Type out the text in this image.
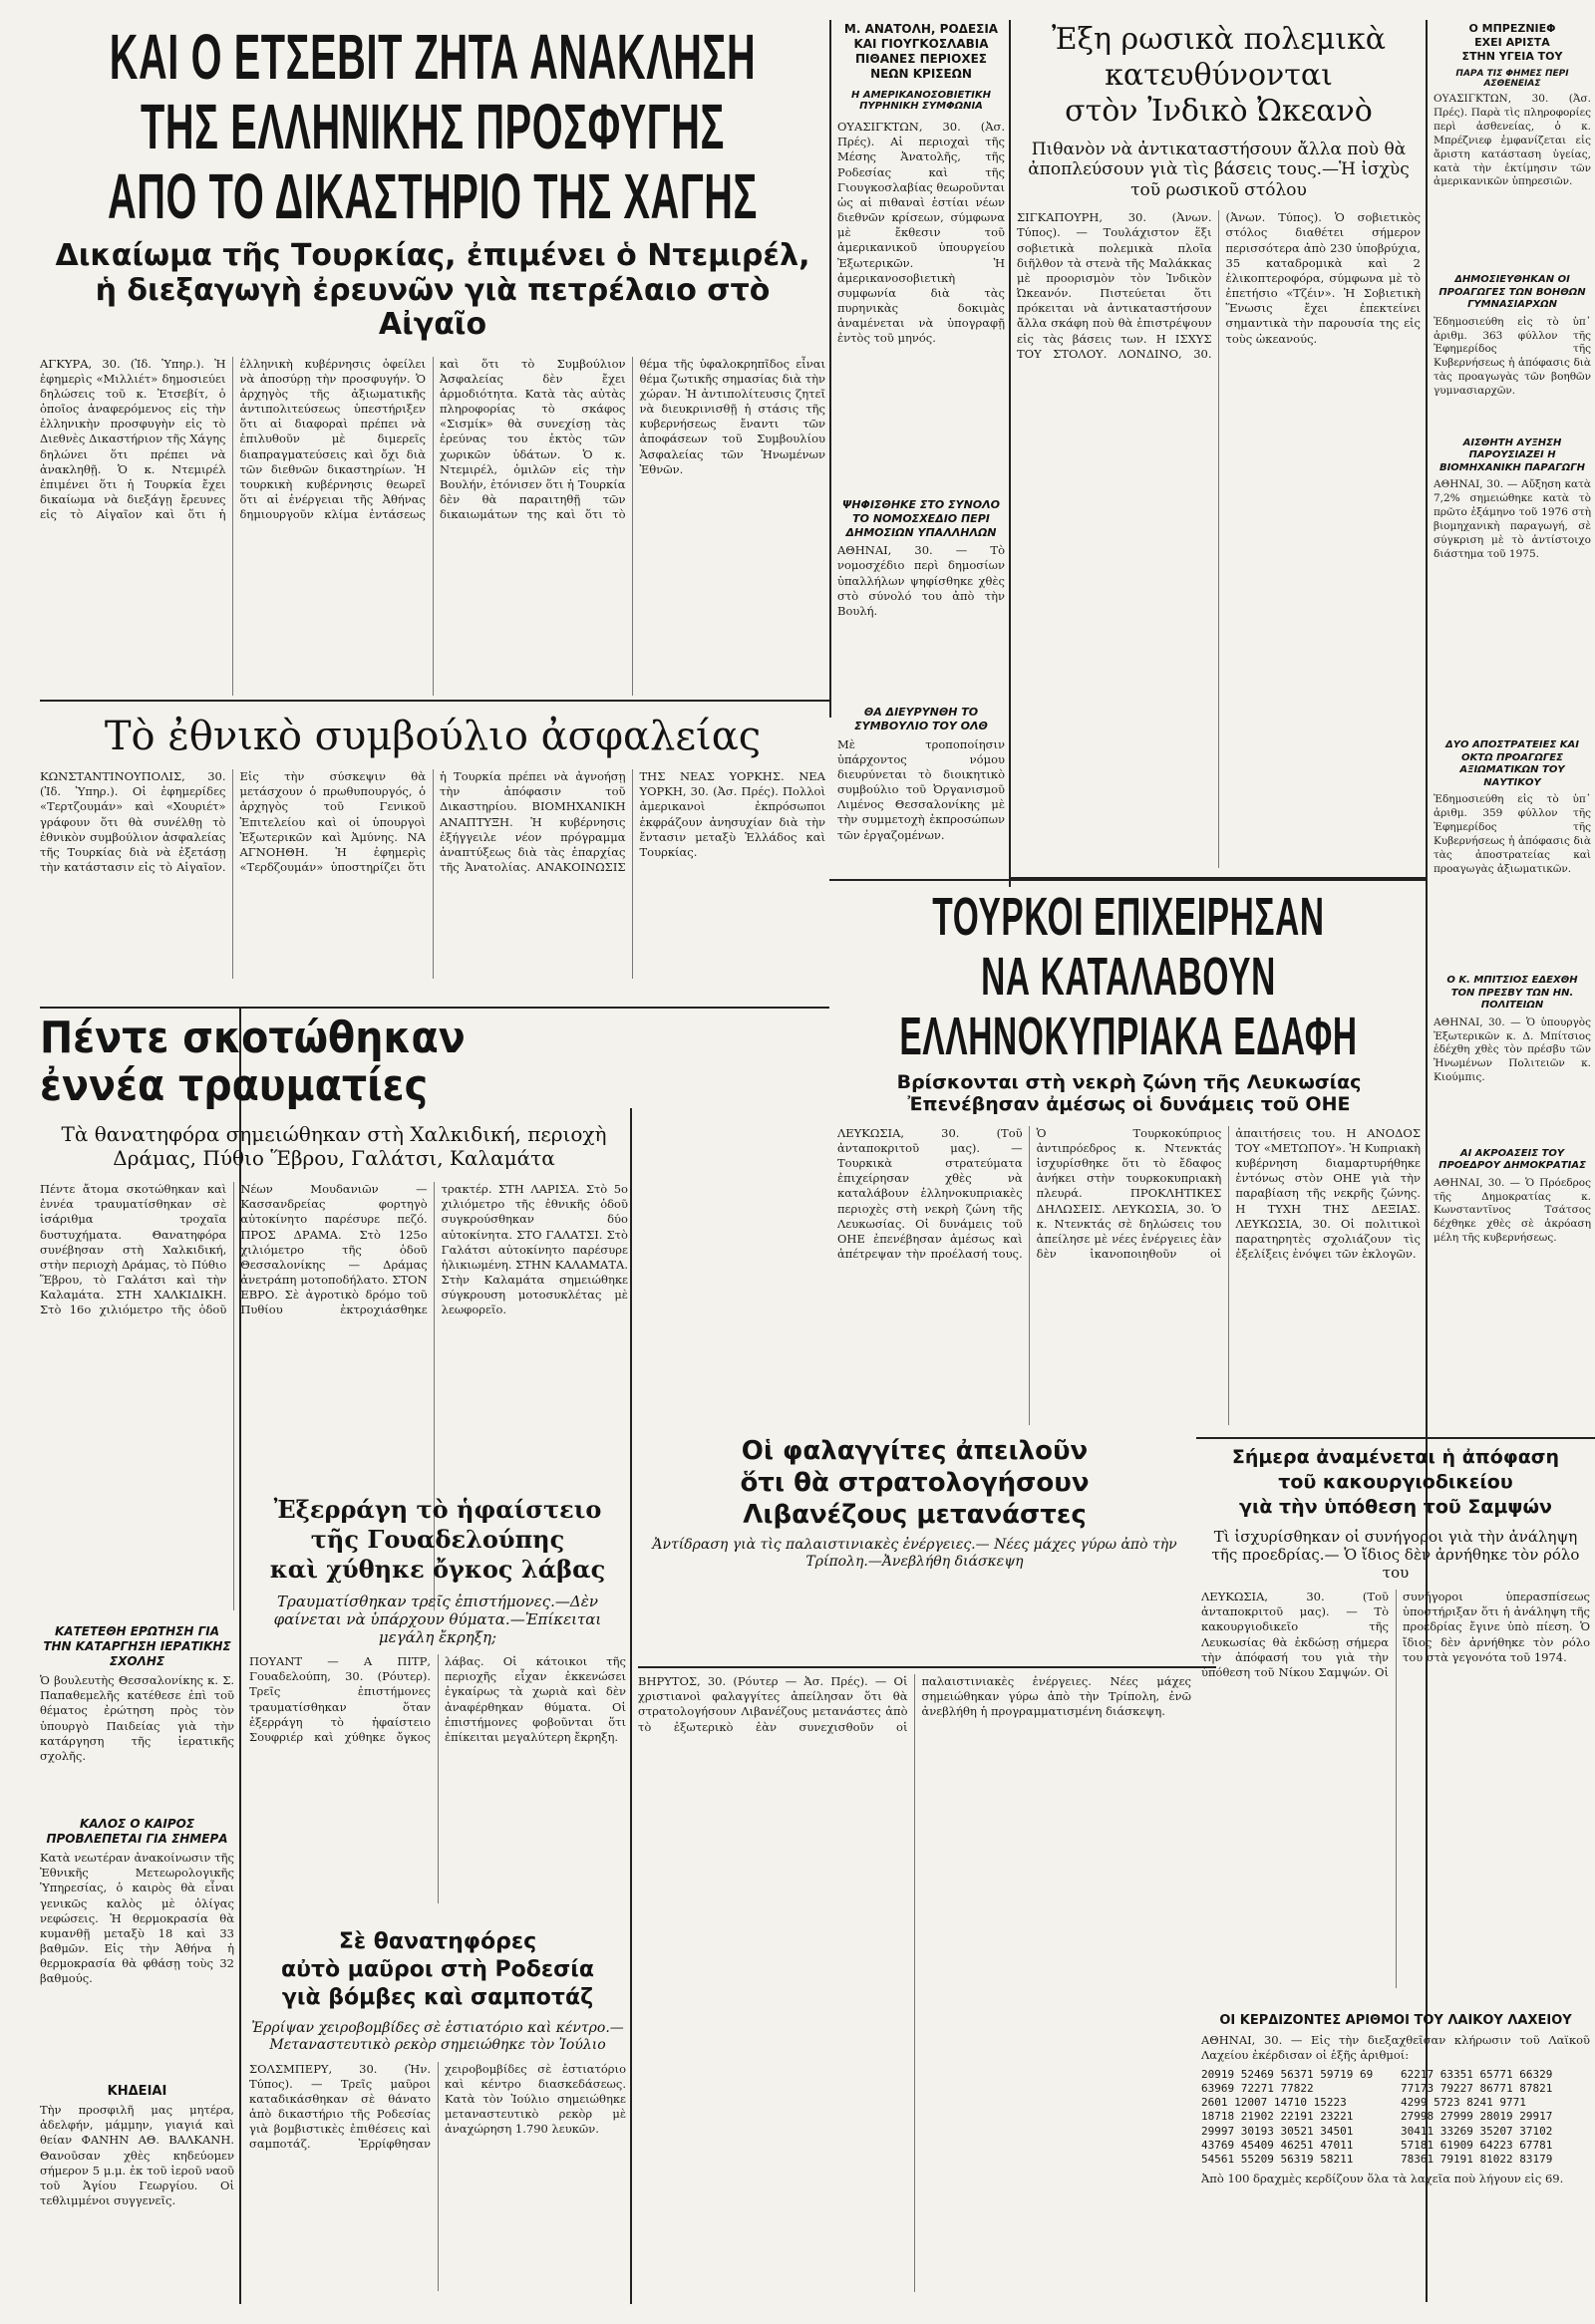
ΚΑΙ Ο ΕΤΣΕΒΙΤ ΖΗΤΑ ΑΝΑΚΛΗΣΗ
ΤΗΣ ΕΛΛΗΝΙΚΗΣ ΠΡΟΣΦΥΓΗΣ
ΑΠΟ ΤΟ ΔΙΚΑΣΤΗΡΙΟ ΤΗΣ ΧΑΓΗΣ
Δικαίωμα τῆς Τουρκίας, ἐπιμένει ὁ Ντεμιρέλ,
ἡ διεξαγωγὴ ἐρευνῶν γιὰ πετρέλαιο στὸ Αἰγαῖο

ΑΓΚΥΡΑ, 30. (Ἰδ. Ὑπηρ.). Ἡ ἐφημερὶς «Μιλλιέτ» δημοσιεύει δηλώσεις τοῦ κ. Ἐτσεβίτ, ὁ ὁποῖος ἀναφερόμενος εἰς τὴν ἑλληνικὴν προσφυγὴν εἰς τὸ Διεθνὲς Δικαστήριον τῆς Χάγης δηλώνει ὅτι πρέπει νὰ ἀνακληθῇ. Ὁ κ. Ντεμιρέλ ἐπιμένει ὅτι ἡ Τουρκία ἔχει δικαίωμα νὰ διεξάγῃ ἔρευνες εἰς τὸ Αἰγαῖον καὶ ὅτι ἡ ἑλληνικὴ κυβέρνησις ὀφείλει νὰ ἀποσύρῃ τὴν προσφυγήν. Ὁ ἀρχηγὸς τῆς ἀξιωματικῆς ἀντιπολιτεύσεως ὑπεστήριξεν ὅτι αἱ διαφοραὶ πρέπει νὰ ἐπιλυθοῦν μὲ διμερεῖς διαπραγματεύσεις καὶ ὄχι διὰ τῶν διεθνῶν δικαστηρίων. Ἡ τουρκικὴ κυβέρνησις θεωρεῖ ὅτι αἱ ἐνέργειαι τῆς Ἀθήνας δημιουργοῦν κλίμα ἐντάσεως καὶ ὅτι τὸ Συμβούλιον Ἀσφαλείας δὲν ἔχει ἁρμοδιότητα. Κατὰ τὰς αὐτὰς πληροφορίας τὸ σκάφος «Σισμίκ» θὰ συνεχίσῃ τὰς ἐρεύνας του ἐκτὸς τῶν χωρικῶν ὑδάτων. Ὁ κ. Ντεμιρέλ, ὁμιλῶν εἰς τὴν Βουλήν, ἐτόνισεν ὅτι ἡ Τουρκία δὲν θὰ παραιτηθῇ τῶν δικαιωμάτων της καὶ ὅτι τὸ θέμα τῆς ὑφαλοκρηπῖδος εἶναι θέμα ζωτικῆς σημασίας διὰ τὴν χώραν. Ἡ ἀντιπολίτευσις ζητεῖ νὰ διευκρινισθῇ ἡ στάσις τῆς κυβερνήσεως ἔναντι τῶν ἀποφάσεων τοῦ Συμβουλίου Ἀσφαλείας τῶν Ἡνωμένων Ἐθνῶν.

Τὸ ἐθνικὸ συμβούλιο ἀσφαλείας

ΚΩΝΣΤΑΝΤΙΝΟΥΠΟΛΙΣ, 30. (Ἰδ. Ὑπηρ.). Οἱ ἐφημερίδες «Τερτζουμάν» καὶ «Χουριέτ» γράφουν ὅτι θὰ συνέλθῃ τὸ ἐθνικὸν συμβούλιον ἀσφαλείας τῆς Τουρκίας διὰ νὰ ἐξετάσῃ τὴν κατάστασιν εἰς τὸ Αἰγαῖον. Εἰς τὴν σύσκεψιν θὰ μετάσχουν ὁ πρωθυπουργός, ὁ ἀρχηγὸς τοῦ Γενικοῦ Ἐπιτελείου καὶ οἱ ὑπουργοὶ Ἐξωτερικῶν καὶ Ἀμύνης. ΝΑ ΑΓΝΟΗΘΗ. Ἡ ἐφημερὶς «Τερδζουμάν» ὑποστηρίζει ὅτι ἡ Τουρκία πρέπει νὰ ἀγνοήσῃ τὴν ἀπόφασιν τοῦ Δικαστηρίου. ΒΙΟΜΗΧΑΝΙΚΗ ΑΝΑΠΤΥΞΗ. Ἡ κυβέρνησις ἐξήγγειλε νέον πρόγραμμα ἀναπτύξεως διὰ τὰς ἐπαρχίας τῆς Ἀνατολίας. ΑΝΑΚΟΙΝΩΣΙΣ ΤΗΣ ΝΕΑΣ ΥΟΡΚΗΣ. ΝΕΑ ΥΟΡΚΗ, 30. (Ἀσ. Πρές). Πολλοὶ ἀμερικανοὶ ἐκπρόσωποι ἐκφράζουν ἀνησυχίαν διὰ τὴν ἔντασιν μεταξὺ Ἑλλάδος καὶ Τουρκίας.

Πέντε σκοτώθηκαν
ἐννέα τραυματίες

Τὰ θανατηφόρα σημειώθηκαν στὴ Χαλκιδική, περιοχὴ Δράμας, Πύθιο Ἕβρου, Γαλάτσι, Καλαμάτα

Πέντε ἄτομα σκοτώθηκαν καὶ ἐννέα τραυματίσθηκαν σὲ ἰσάριθμα τροχαῖα δυστυχήματα. Θανατηφόρα συνέβησαν στὴ Χαλκιδική, στὴν περιοχὴ Δράμας, τὸ Πύθιο Ἕβρου, τὸ Γαλάτσι καὶ τὴν Καλαμάτα. ΣΤΗ ΧΑΛΚΙΔΙΚΗ. Στὸ 16ο χιλιόμετρο τῆς ὁδοῦ Νέων Μουδανιῶν — Κασσανδρείας φορτηγὸ αὐτοκίνητο παρέσυρε πεζό. ΠΡΟΣ ΔΡΑΜΑ. Στὸ 125ο χιλιόμετρο τῆς ὁδοῦ Θεσσαλονίκης — Δράμας ἀνετράπη μοτοποδήλατο. ΣΤΟΝ ΕΒΡΟ. Σὲ ἀγροτικὸ δρόμο τοῦ Πυθίου ἐκτροχιάσθηκε τρακτέρ. ΣΤΗ ΛΑΡΙΣΑ. Στὸ 5ο χιλιόμετρο τῆς ἐθνικῆς ὁδοῦ συγκρούσθηκαν δύο αὐτοκίνητα. ΣΤΟ ΓΑΛΑΤΣΙ. Στὸ Γαλάτσι αὐτοκίνητο παρέσυρε ἡλικιωμένη. ΣΤΗΝ ΚΑΛΑΜΑΤΑ. Στὴν Καλαμάτα σημειώθηκε σύγκρουση μοτοσυκλέτας μὲ λεωφορεῖο.

ΚΑΤΕΤΕΘΗ ΕΡΩΤΗΣΗ ΓΙΑ ΤΗΝ ΚΑΤΑΡΓΗΣΗ ΙΕΡΑΤΙΚΗΣ ΣΧΟΛΗΣ

Ὁ βουλευτὴς Θεσσαλονίκης κ. Σ. Παπαθεμελῆς κατέθεσε ἐπὶ τοῦ θέματος ἐρώτηση πρὸς τὸν ὑπουργὸ Παιδείας γιὰ τὴν κατάργηση τῆς ἱερατικῆς σχολῆς.

ΚΑΛΟΣ Ο ΚΑΙΡΟΣ ΠΡΟΒΛΕΠΕΤΑΙ ΓΙΑ ΣΗΜΕΡΑ

Κατὰ νεωτέραν ἀνακοίνωσιν τῆς Ἐθνικῆς Μετεωρολογικῆς Ὑπηρεσίας, ὁ καιρὸς θὰ εἶναι γενικῶς καλὸς μὲ ὀλίγας νεφώσεις. Ἡ θερμοκρασία θὰ κυμανθῇ μεταξὺ 18 καὶ 33 βαθμῶν. Εἰς τὴν Ἀθήνα ἡ θερμοκρασία θὰ φθάσῃ τοὺς 32 βαθμούς.

ΚΗΔΕΙΑΙ

Τὴν προσφιλῆ μας μητέρα, ἀδελφήν, μάμμην, γιαγιά καὶ θείαν ΦΑΝΗΝ ΑΘ. ΒΑΛΚΑΝΗ. Θανοῦσαν χθὲς κηδεύομεν σήμερον 5 μ.μ. ἐκ τοῦ ἱεροῦ ναοῦ τοῦ Ἁγίου Γεωργίου. Οἱ τεθλιμμένοι συγγενεῖς.

Ἐξερράγη τὸ ἡφαίστειο
τῆς Γουαδελούπης
καὶ χύθηκε ὄγκος λάβας

Τραυματίσθηκαν τρεῖς ἐπιστήμονες.—Δὲν φαίνεται νὰ ὑπάρχουν θύματα.—Ἐπίκειται μεγάλη ἔκρηξη;

ΠΟΥΑΝΤ — Α ΠΙΤΡ, Γουαδελούπη, 30. (Ρόυτερ). Τρεῖς ἐπιστήμονες τραυματίσθηκαν ὅταν ἐξερράγη τὸ ἡφαίστειο Σουφριέρ καὶ χύθηκε ὄγκος λάβας. Οἱ κάτοικοι τῆς περιοχῆς εἶχαν ἐκκενώσει ἐγκαίρως τὰ χωριὰ καὶ δὲν ἀναφέρθηκαν θύματα. Οἱ ἐπιστήμονες φοβοῦνται ὅτι ἐπίκειται μεγαλύτερη ἔκρηξη.

Σὲ θανατηφόρες
αὐτὸ μαῦροι στὴ Ροδεσία
γιὰ βόμβες καὶ σαμποτάζ

Ἐρρίψαν χειροβομβίδες σὲ ἑστιατόριο καὶ κέντρο.— Μεταναστευτικὸ ρεκὸρ σημειώθηκε τὸν Ἰούλιο

ΣΟΛΣΜΠΕΡΥ, 30. (Ἡν. Τύπος). — Τρεῖς μαῦροι καταδικάσθηκαν σὲ θάνατο ἀπὸ δικαστήριο τῆς Ροδεσίας γιὰ βομβιστικὲς ἐπιθέσεις καὶ σαμποτάζ. Ἐρρίφθησαν χειροβομβίδες σὲ ἑστιατόριο καὶ κέντρο διασκεδάσεως. Κατὰ τὸν Ἰούλιο σημειώθηκε μεταναστευτικὸ ρεκὸρ μὲ ἀναχώρηση 1.790 λευκῶν.

Μ. ΑΝΑΤΟΛΗ, ΡΟΔΕΣΙΑ
ΚΑΙ ΓΙΟΥΓΚΟΣΛΑΒΙΑ
ΠΙΘΑΝΕΣ ΠΕΡΙΟΧΕΣ
ΝΕΩΝ ΚΡΙΣΕΩΝ
Η ΑΜΕΡΙΚΑΝΟΣΟΒΙΕΤΙΚΗ ΠΥΡΗΝΙΚΗ ΣΥΜΦΩΝΙΑ

ΟΥΑΣΙΓΚΤΩΝ, 30. (Ἀσ. Πρές). Αἱ περιοχαὶ τῆς Μέσης Ἀνατολῆς, τῆς Ροδεσίας καὶ τῆς Γιουγκοσλαβίας θεωροῦνται ὡς αἱ πιθαναὶ ἑστίαι νέων διεθνῶν κρίσεων, σύμφωνα μὲ ἔκθεσιν τοῦ ἀμερικανικοῦ ὑπουργείου Ἐξωτερικῶν. Ἡ ἀμερικανοσοβιετικὴ συμφωνία διὰ τὰς πυρηνικὰς δοκιμὰς ἀναμένεται νὰ ὑπογραφῇ ἐντὸς τοῦ μηνός.

ΨΗΦΙΣΘΗΚΕ ΣΤΟ ΣΥΝΟΛΟ ΤΟ ΝΟΜΟΣΧΕΔΙΟ ΠΕΡΙ ΔΗΜΟΣΙΩΝ ΥΠΑΛΛΗΛΩΝ

ΑΘΗΝΑΙ, 30. — Τὸ νομοσχέδιο περὶ δημοσίων ὑπαλλήλων ψηφίσθηκε χθὲς στὸ σύνολό του ἀπὸ τὴν Βουλή.

ΘΑ ΔΙΕΥΡΥΝΘΗ ΤΟ ΣΥΜΒΟΥΛΙΟ ΤΟΥ ΟΛΘ

Μὲ τροποποίησιν ὑπάρχοντος νόμου διευρύνεται τὸ διοικητικὸ συμβούλιο τοῦ Ὀργανισμοῦ Λιμένος Θεσσαλονίκης μὲ τὴν συμμετοχὴ ἐκπροσώπων τῶν ἐργαζομένων.

Ἐξη ρωσικὰ πολεμικὰ
κατευθύνονται
στὸν Ἰνδικὸ Ὠκεανὸ

Πιθανὸν νὰ ἀντικαταστήσουν ἄλλα ποὺ θὰ ἀποπλεύσουν γιὰ τὶς βάσεις τους.—Ἡ ἰσχὺς τοῦ ρωσικοῦ στόλου

ΣΙΓΚΑΠΟΥΡΗ, 30. (Ἀνων. Τύπος). — Τουλάχιστον ἕξι σοβιετικὰ πολεμικὰ πλοῖα διῆλθον τὰ στενὰ τῆς Μαλάκκας μὲ προορισμὸν τὸν Ἰνδικὸν Ὠκεανόν. Πιστεύεται ὅτι πρόκειται νὰ ἀντικαταστήσουν ἄλλα σκάφη ποὺ θὰ ἐπιστρέψουν εἰς τὰς βάσεις των. Η ΙΣΧΥΣ ΤΟΥ ΣΤΟΛΟΥ. ΛΟΝΔΙΝΟ, 30. (Ἀνων. Τύπος). Ὁ σοβιετικὸς στόλος διαθέτει σήμερον περισσότερα ἀπὸ 230 ὑποβρύχια, 35 καταδρομικὰ καὶ 2 ἐλικοπτεροφόρα, σύμφωνα μὲ τὸ ἐπετήσιο «Τζέιν». Ἡ Σοβιετικὴ Ἕνωσις ἔχει ἐπεκτείνει σημαντικὰ τὴν παρουσία της εἰς τοὺς ὠκεανούς.

ΤΟΥΡΚΟΙ ΕΠΙΧΕΙΡΗΣΑΝ
ΝΑ ΚΑΤΑΛΑΒΟΥΝ
ΕΛΛΗΝΟΚΥΠΡΙΑΚΑ ΕΔΑΦΗ
Βρίσκονται στὴ νεκρὴ ζώνη τῆς Λευκωσίας
Ἐπενέβησαν ἀμέσως οἱ δυνάμεις τοῦ ΟΗΕ

ΛΕΥΚΩΣΙΑ, 30. (Τοῦ ἀνταποκριτοῦ μας). — Τουρκικὰ στρατεύματα ἐπιχείρησαν χθὲς νὰ καταλάβουν ἑλληνοκυπριακὲς περιοχὲς στὴ νεκρὴ ζώνη τῆς Λευκωσίας. Οἱ δυνάμεις τοῦ ΟΗΕ ἐπενέβησαν ἀμέσως καὶ ἀπέτρεψαν τὴν προέλασή τους. Ὁ Τουρκοκύπριος ἀντιπρόεδρος κ. Ντενκτάς ἰσχυρίσθηκε ὅτι τὸ ἔδαφος ἀνήκει στὴν τουρκοκυπριακὴ πλευρά. ΠΡΟΚΛΗΤΙΚΕΣ ΔΗΛΩΣΕΙΣ. ΛΕΥΚΩΣΙΑ, 30. Ὁ κ. Ντενκτάς σὲ δηλώσεις του ἀπείλησε μὲ νέες ἐνέργειες ἐὰν δὲν ἱκανοποιηθοῦν οἱ ἀπαιτήσεις του. Η ΑΝΟΔΟΣ ΤΟΥ «ΜΕΤΩΠΟΥ». Ἡ Κυπριακὴ κυβέρνηση διαμαρτυρήθηκε ἐντόνως στὸν ΟΗΕ γιὰ τὴν παραβίαση τῆς νεκρῆς ζώνης. Η ΤΥΧΗ ΤΗΣ ΔΕΞΙΑΣ. ΛΕΥΚΩΣΙΑ, 30. Οἱ πολιτικοὶ παρατηρητὲς σχολιάζουν τὶς ἐξελίξεις ἐνόψει τῶν ἐκλογῶν.

Οἱ φαλαγγίτες ἀπειλοῦν
ὅτι θὰ στρατολογήσουν
Λιβανέζους μετανάστες

Ἀντίδραση γιὰ τὶς παλαιστινιακὲς ἐνέργειες.— Νέες μάχες γύρω ἀπὸ τὴν Τρίπολη.—Ἀνεβλήθη διάσκεψη

ΒΗΡΥΤΟΣ, 30. (Ρόυτερ — Ἀσ. Πρές). — Οἱ χριστιανοὶ φαλαγγίτες ἀπείλησαν ὅτι θὰ στρατολογήσουν Λιβανέζους μετανάστες ἀπὸ τὸ ἐξωτερικὸ ἐὰν συνεχισθοῦν οἱ παλαιστινιακὲς ἐνέργειες. Νέες μάχες σημειώθηκαν γύρω ἀπὸ τὴν Τρίπολη, ἐνῶ ἀνεβλήθη ἡ προγραμματισμένη διάσκεψη.

Σήμερα ἀναμένεται ἡ ἀπόφαση
τοῦ κακουργιοδικείου
γιὰ τὴν ὑπόθεση τοῦ Σαμψών

Τὶ ἰσχυρίσθηκαν οἱ συνήγοροι γιὰ τὴν ἀνάληψη τῆς προεδρίας.— Ὁ ἴδιος δὲν ἀρνήθηκε τὸν ρόλο του

ΛΕΥΚΩΣΙΑ, 30. (Τοῦ ἀνταποκριτοῦ μας). — Τὸ κακουργιοδικεῖο τῆς Λευκωσίας θὰ ἐκδώσῃ σήμερα τὴν ἀπόφασή του γιὰ τὴν ὑπόθεση τοῦ Νίκου Σαμψών. Οἱ συνήγοροι ὑπερασπίσεως ὑποστήριξαν ὅτι ἡ ἀνάληψη τῆς προεδρίας ἔγινε ὑπὸ πίεση. Ὁ ἴδιος δὲν ἀρνήθηκε τὸν ρόλο του στὰ γεγονότα τοῦ 1974.

ΟΙ ΚΕΡΔΙΖΟΝΤΕΣ ΑΡΙΘΜΟΙ ΤΟΥ ΛΑΪΚΟΥ ΛΑΧΕΙΟΥ

ΑΘΗΝΑΙ, 30. — Εἰς τὴν διεξαχθεῖσαν κλήρωσιν τοῦ Λαϊκοῦ Λαχείου ἐκέρδισαν οἱ ἑξῆς ἀριθμοί:

20919 52469 56371 59719 69
63969 72271 77822
2601 12007 14710 15223
18718 21902 22191 23221
29997 30193 30521 34501
43769 45409 46251 47011
54561 55209 56319 58211
62217 63351 65771 66329
77173 79227 86771 87821
4299 5723 8241 9771
27998 27999 28019 29917
30411 33269 35207 37102
57181 61909 64223 67781
78361 79191 81022 83179

Ἀπὸ 100 δραχμὲς κερδίζουν ὅλα τὰ λαχεῖα ποὺ λήγουν εἰς 69.

Ο ΜΠΡΕΖΝΙΕΦ
ΕΧΕΙ ΑΡΙΣΤΑ
ΣΤΗΝ ΥΓΕΙΑ ΤΟΥ
ΠΑΡΑ ΤΙΣ ΦΗΜΕΣ ΠΕΡΙ ΑΣΘΕΝΕΙΑΣ

ΟΥΑΣΙΓΚΤΩΝ, 30. (Ἀσ. Πρές). Παρὰ τὶς πληροφορίες περὶ ἀσθενείας, ὁ κ. Μπρέζνιεφ ἐμφανίζεται εἰς ἄριστη κατάσταση ὑγείας, κατὰ τὴν ἐκτίμησιν τῶν ἀμερικανικῶν ὑπηρεσιῶν.

ΔΗΜΟΣΙΕΥΘΗΚΑΝ ΟΙ ΠΡΟΑΓΩΓΕΣ ΤΩΝ ΒΟΗΘΩΝ ΓΥΜΝΑΣΙΑΡΧΩΝ

Ἐδημοσιεύθη εἰς τὸ ὑπ᾿ ἀριθμ. 363 φύλλον τῆς Ἐφημερίδος τῆς Κυβερνήσεως ἡ ἀπόφασις διὰ τὰς προαγωγὰς τῶν βοηθῶν γυμνασιαρχῶν.

ΑΙΣΘΗΤΗ ΑΥΞΗΣΗ ΠΑΡΟΥΣΙΑΖΕΙ Η ΒΙΟΜΗΧΑΝΙΚΗ ΠΑΡΑΓΩΓΗ

ΑΘΗΝΑΙ, 30. — Αὔξηση κατὰ 7,2% σημειώθηκε κατὰ τὸ πρῶτο ἑξάμηνο τοῦ 1976 στὴ βιομηχανικὴ παραγωγή, σὲ σύγκριση μὲ τὸ ἀντίστοιχο διάστημα τοῦ 1975.

ΔΥΟ ΑΠΟΣΤΡΑΤΕΙΕΣ ΚΑΙ ΟΚΤΩ ΠΡΟΑΓΩΓΕΣ ΑΞΙΩΜΑΤΙΚΩΝ ΤΟΥ ΝΑΥΤΙΚΟΥ

Ἐδημοσιεύθη εἰς τὸ ὑπ᾿ ἀριθμ. 359 φύλλον τῆς Ἐφημερίδος τῆς Κυβερνήσεως ἡ ἀπόφασις διὰ τὰς ἀποστρατείας καὶ προαγωγὰς ἀξιωματικῶν.

Ο Κ. ΜΠΙΤΣΙΟΣ ΕΔΕΧΘΗ ΤΟΝ ΠΡΕΣΒΥ ΤΩΝ ΗΝ. ΠΟΛΙΤΕΙΩΝ

ΑΘΗΝΑΙ, 30. — Ὁ ὑπουργὸς Ἐξωτερικῶν κ. Δ. Μπίτσιος ἐδέχθη χθὲς τὸν πρέσβυ τῶν Ἡνωμένων Πολιτειῶν κ. Κιούμπις.

ΑΙ ΑΚΡΟΑΣΕΙΣ ΤΟΥ ΠΡΟΕΔΡΟΥ ΔΗΜΟΚΡΑΤΙΑΣ

ΑΘΗΝΑΙ, 30. — Ὁ Πρόεδρος τῆς Δημοκρατίας κ. Κωνσταντῖνος Τσάτσος δέχθηκε χθὲς σὲ ἀκρόαση μέλη τῆς κυβερνήσεως.
